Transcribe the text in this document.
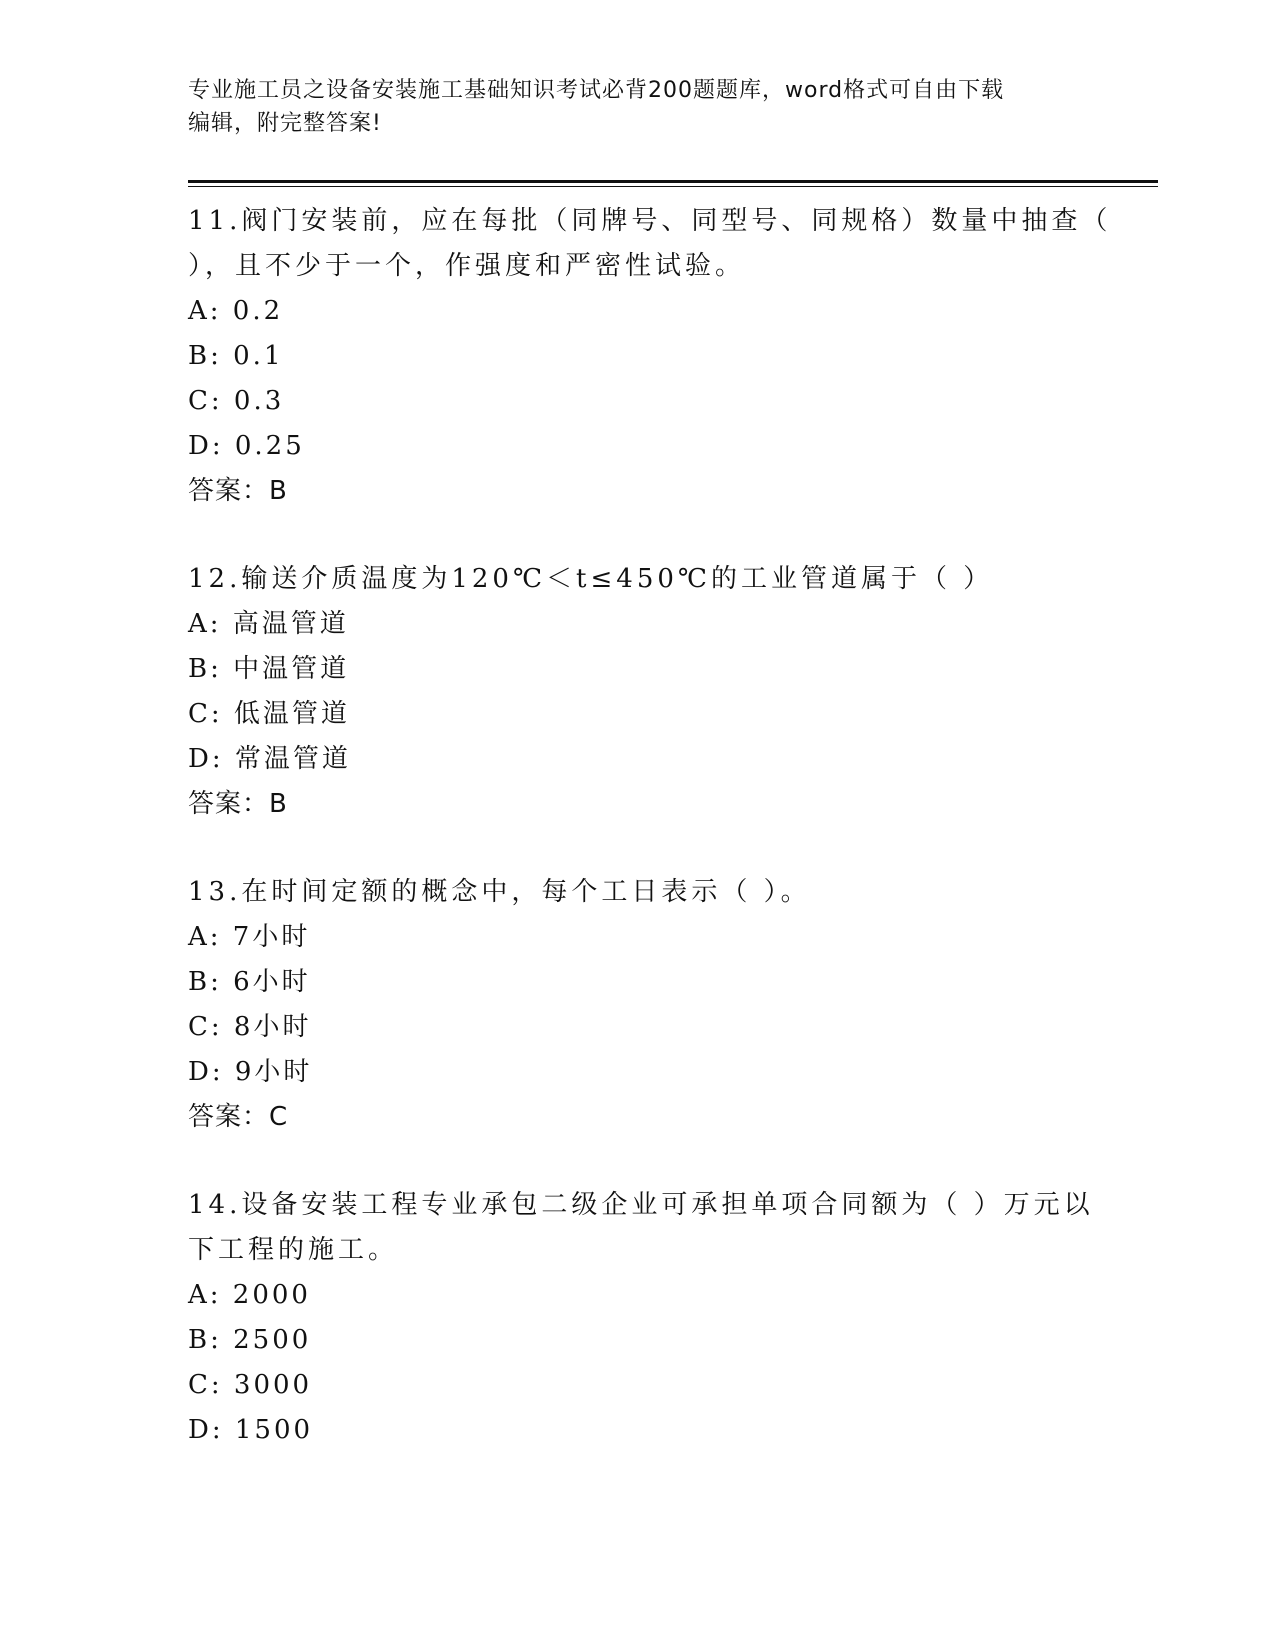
专业施工员之设备安装施工基础知识考试必背200题题库，word格式可自由下载
编辑，附完整答案!
11.阀门安装前，应在每批（同牌号、同型号、同规格）数量中抽查（
），且不少于一个，作强度和严密性试验。
A: 0.2
B: 0.1
C: 0.3
D: 0.25
答案：B
12.输送介质温度为120℃＜t≤450℃的工业管道属于（ ）
A: 高温管道
B: 中温管道
C: 低温管道
D: 常温管道
答案：B
13.在时间定额的概念中，每个工日表示（ ）。
A: 7小时
B: 6小时
C: 8小时
D: 9小时
答案：C
14.设备安装工程专业承包二级企业可承担单项合同额为（ ）万元以
下工程的施工。
A: 2000
B: 2500
C: 3000
D: 1500
